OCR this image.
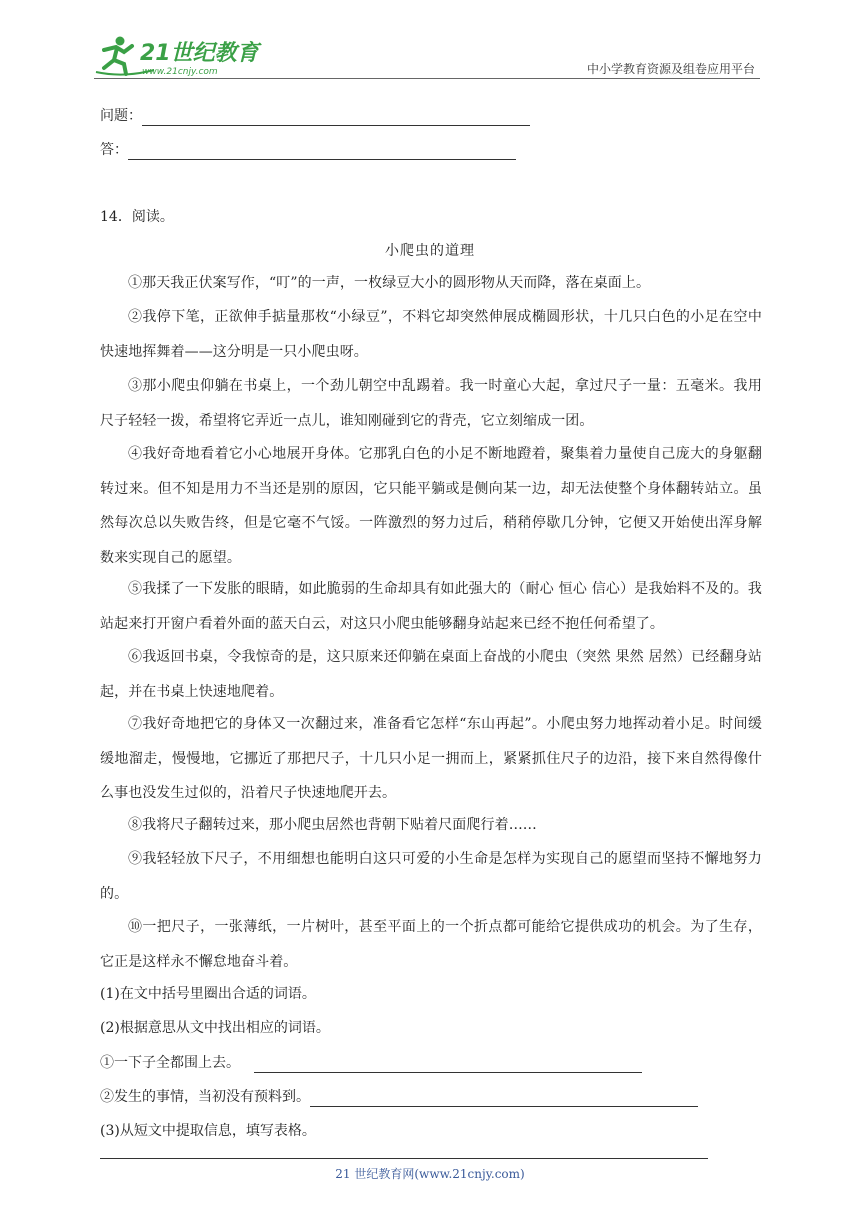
21世纪教育
www.21cnjy.com	中小学教育资源及组卷应用平台
问题：
答：
14．阅读。
小爬虫的道理
①那天我正伏案写作，“叮”的一声，一枚绿豆大小的圆形物从天而降，落在桌面上。
②我停下笔，正欲伸手掂量那枚“小绿豆”，不料它却突然伸展成椭圆形状，十几只白色的小足在空中快速地挥舞着——这分明是一只小爬虫呀。
③那小爬虫仰躺在书桌上，一个劲儿朝空中乱踢着。我一时童心大起，拿过尺子一量：五毫米。我用尺子轻轻一拨，希望将它弄近一点儿，谁知刚碰到它的背壳，它立刻缩成一团。
④我好奇地看着它小心地展开身体。它那乳白色的小足不断地蹬着，聚集着力量使自己庞大的身躯翻转过来。但不知是用力不当还是别的原因，它只能平躺或是侧向某一边，却无法使整个身体翻转站立。虽然每次总以失败告终，但是它毫不气馁。一阵激烈的努力过后，稍稍停歇几分钟，它便又开始使出浑身解数来实现自己的愿望。
⑤我揉了一下发胀的眼睛，如此脆弱的生命却具有如此强大的（耐心 恒心 信心）是我始料不及的。我站起来打开窗户看着外面的蓝天白云，对这只小爬虫能够翻身站起来已经不抱任何希望了。
⑥我返回书桌，令我惊奇的是，这只原来还仰躺在桌面上奋战的小爬虫（突然 果然 居然）已经翻身站起，并在书桌上快速地爬着。
⑦我好奇地把它的身体又一次翻过来，准备看它怎样“东山再起”。小爬虫努力地挥动着小足。时间缓缓地溜走，慢慢地，它挪近了那把尺子，十几只小足一拥而上，紧紧抓住尺子的边沿，接下来自然得像什么事也没发生过似的，沿着尺子快速地爬开去。
⑧我将尺子翻转过来，那小爬虫居然也背朝下贴着尺面爬行着……
⑨我轻轻放下尺子，不用细想也能明白这只可爱的小生命是怎样为实现自己的愿望而坚持不懈地努力的。
⑩一把尺子，一张薄纸，一片树叶，甚至平面上的一个折点都可能给它提供成功的机会。为了生存，它正是这样永不懈怠地奋斗着。
(1)在文中括号里圈出合适的词语。
(2)根据意思从文中找出相应的词语。
①一下子全都围上去。
②发生的事情，当初没有预料到。
(3)从短文中提取信息，填写表格。
21 世纪教育网(www.21cnjy.com)
